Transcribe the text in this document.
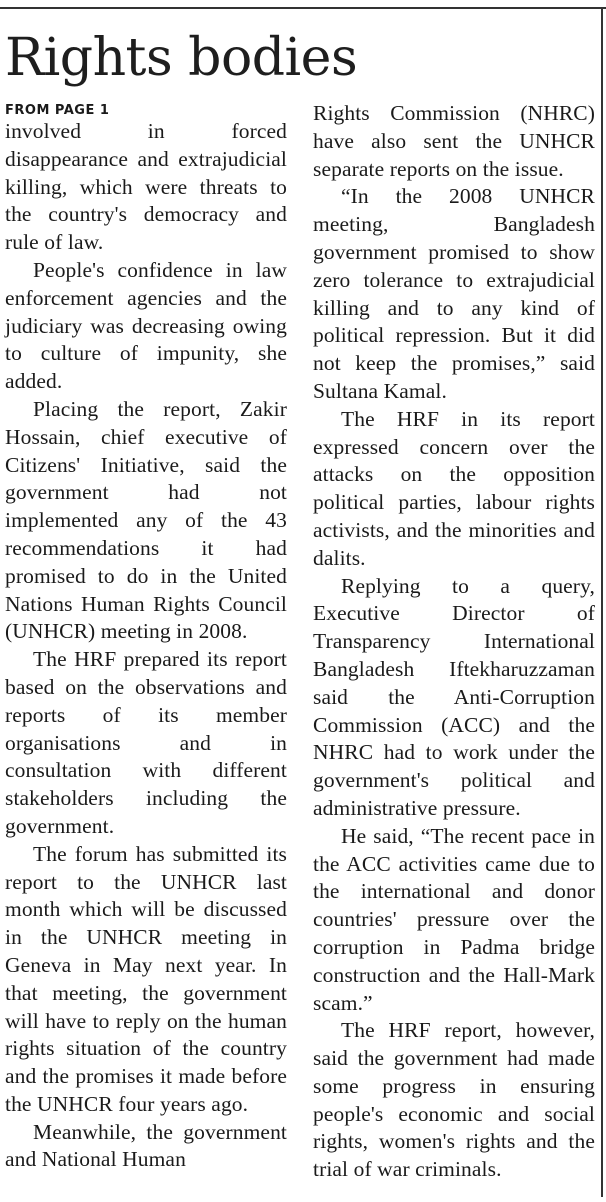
Rights bodies
FROM PAGE 1

involved in forced disappearance and extrajudicial killing, which were threats to the country's democracy and rule of law.

People's confidence in law enforcement agencies and the judiciary was decreasing owing to culture of impunity, she added.

Placing the report, Zakir Hossain, chief executive of Citizens' Initiative, said the government had not implemented any of the 43 recommendations it had promised to do in the United Nations Human Rights Council (UNHCR) meeting in 2008.

The HRF prepared its report based on the observations and reports of its member organisations and in consultation with different stakeholders including the government.

The forum has submitted its report to the UNHCR last month which will be discussed in the UNHCR meeting in Geneva in May next year. In that meeting, the government will have to reply on the human rights situation of the country and the promises it made before the UNHCR four years ago.

Meanwhile, the government and National Human

Rights Commission (NHRC) have also sent the UNHCR separate reports on the issue.

“In the 2008 UNHCR meeting, Bangladesh government promised to show zero tolerance to extrajudicial killing and to any kind of political repression. But it did not keep the promises,” said Sultana Kamal.

The HRF in its report expressed concern over the attacks on the opposition political parties, labour rights activists, and the minorities and dalits.

Replying to a query, Executive Director of Transparency International Bangladesh Iftekharuzzaman said the Anti-Corruption Commission (ACC) and the NHRC had to work under the government's political and administrative pressure.

He said, “The recent pace in the ACC activities came due to the international and donor countries' pressure over the corruption in Padma bridge construction and the Hall-Mark scam.”

The HRF report, however, said the government had made some progress in ensuring people's economic and social rights, women's rights and the trial of war criminals.
